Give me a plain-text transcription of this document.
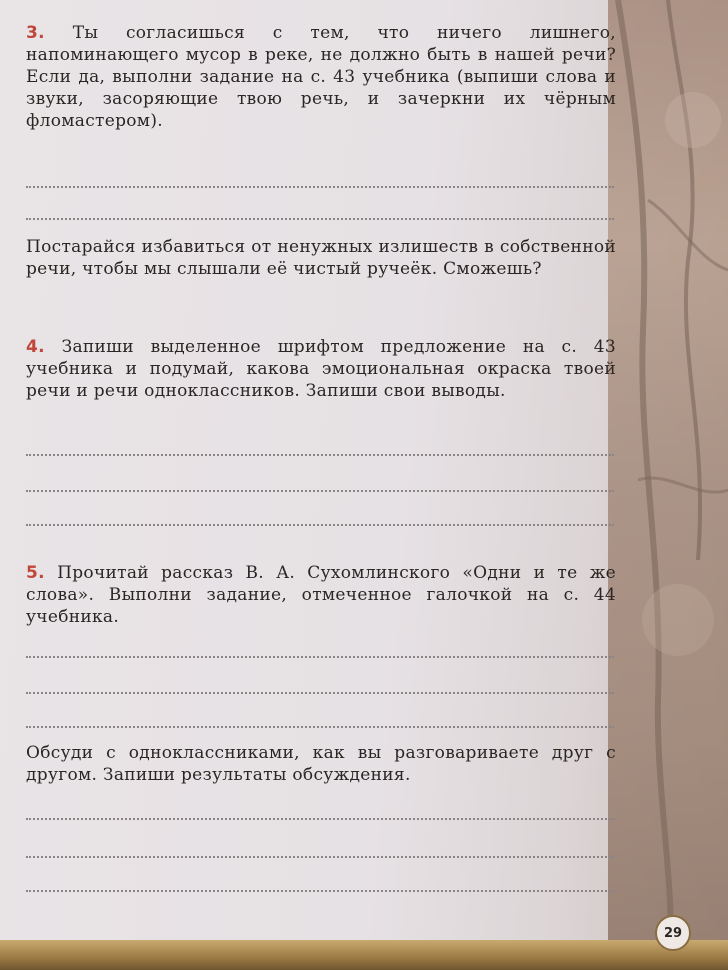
3. Ты согласишься с тем, что ничего лишнего, напоминающего мусор в реке, не должно быть в нашей речи? Если да, выполни задание на с. 43 учебника (выпиши слова и звуки, засоряющие твою речь, и зачеркни их чёрным фломастером).
Постарайся избавиться от ненужных излишеств в собственной речи, чтобы мы слышали её чистый ручеёк. Сможешь?
4. Запиши выделенное шрифтом предложение на с. 43 учебника и подумай, какова эмоциональная окраска твоей речи и речи одноклассников. Запиши свои выводы.
5. Прочитай рассказ В. А. Сухомлинского «Одни и те же слова». Выполни задание, отмеченное галочкой на с. 44 учебника.
Обсуди с одноклассниками, как вы разговариваете друг с другом. Запиши результаты обсуждения.
29
